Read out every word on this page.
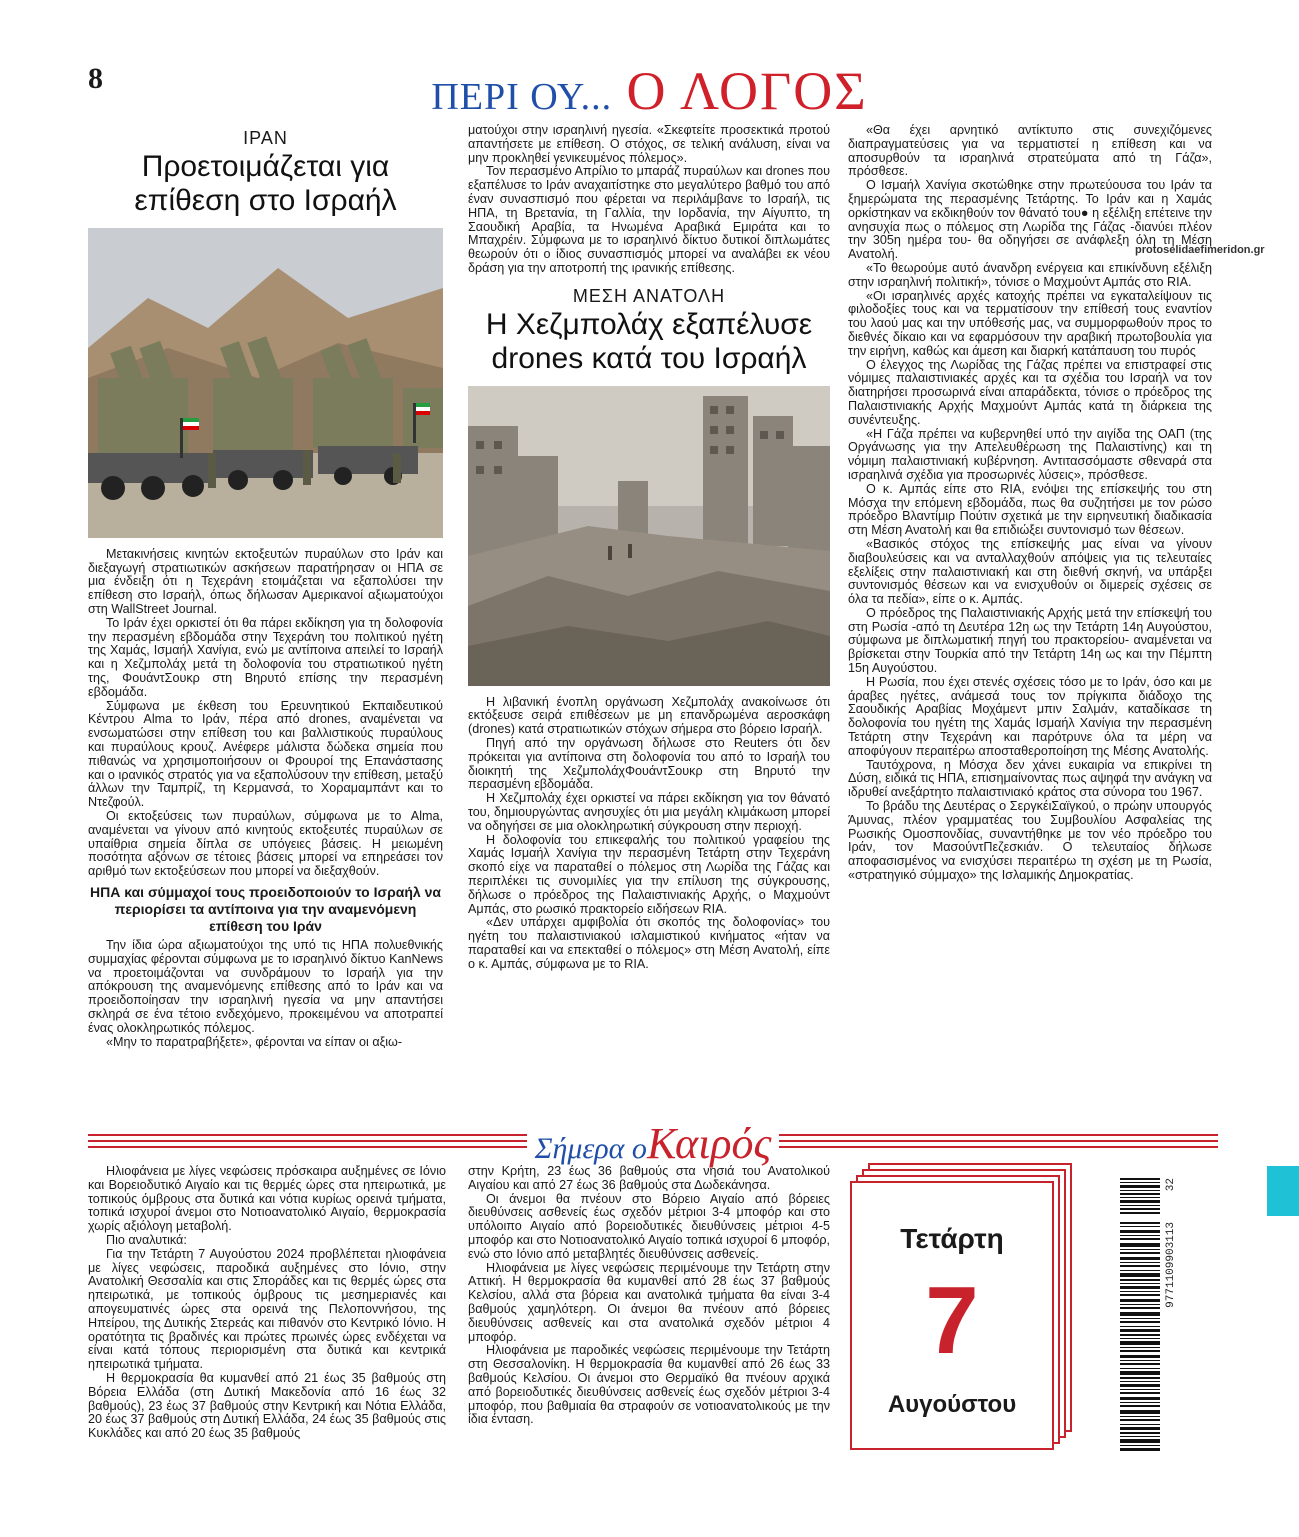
8	ΠΕΡΙ ΟΥ... Ο ΛΟΓΟΣ
protoselidaefimeridon.gr
ΙΡΑΝ
Προετοιμάζεται για επίθεση στο Ισραήλ

Μετακινήσεις κινητών εκτοξευτών πυραύλων στο Ιράν και διεξαγωγή στρατιωτικών ασκήσεων παρατήρησαν οι ΗΠΑ σε μια ένδειξη ότι η Τεχεράνη ετοιμάζεται να εξαπολύσει την επίθεση στο Ισραήλ, όπως δήλωσαν Αμερικανοί αξιωματούχοι στη WallStreet Journal.

Το Ιράν έχει ορκιστεί ότι θα πάρει εκδίκηση για τη δολοφονία την περασμένη εβδομάδα στην Τεχεράνη του πολιτικού ηγέτη της Χαμάς, Ισμαήλ Χανίγια, ενώ με αντίποινα απειλεί το Ισραήλ και η Χεζμπολάχ μετά τη δολοφονία του στρατιωτικού ηγέτη της, ΦουάντΣουκρ στη Βηρυτό επίσης την περασμένη εβδομάδα.

Σύμφωνα με έκθεση του Ερευνητικού Εκπαιδευτικού Κέντρου Alma το Ιράν, πέρα από drones, αναμένεται να ενσωματώσει στην επίθεση του και βαλλιστικούς πυραύλους και πυραύλους κρουζ. Ανέφερε μάλιστα δώδεκα σημεία που πιθανώς να χρησιμοποιήσουν οι Φρουροί της Επανάστασης και ο ιρανικός στρατός για να εξαπολύσουν την επίθεση, μεταξύ άλλων την Ταμπρίζ, τη Κερμανσά, το Χοραμαμπάντ και το Ντεζφούλ.

Οι εκτοξεύσεις των πυραύλων, σύμφωνα με το Alma, αναμένεται να γίνουν από κινητούς εκτοξευτές πυραύλων σε υπαίθρια σημεία δίπλα σε υπόγειες βάσεις. Η μειωμένη ποσότητα αξόνων σε τέτοιες βάσεις μπορεί να επηρεάσει τον αριθμό των εκτοξεύσεων που μπορεί να διεξαχθούν.

ΗΠΑ και σύμμαχοί τους προειδοποιούν το Ισραήλ να περιορίσει τα αντίποινα για την αναμενόμενη επίθεση του Ιράν

Την ίδια ώρα αξιωματούχοι της υπό τις ΗΠΑ πολυεθνικής συμμαχίας φέρονται σύμφωνα με το ισραηλινό δίκτυο KanNews να προετοιμάζονται να συνδράμουν το Ισραήλ για την απόκρουση της αναμενόμενης επίθεσης από το Ιράν και να προειδοποίησαν την ισραηλινή ηγεσία να μην απαντήσει σκληρά σε ένα τέτοιο ενδεχόμενο, προκειμένου να αποτραπεί ένας ολοκληρωτικός πόλεμος.

«Μην το παρατραβήξετε», φέρονται να είπαν οι αξιω-

ματούχοι στην ισραηλινή ηγεσία. «Σκεφτείτε προσεκτικά προτού απαντήσετε με επίθεση. Ο στόχος, σε τελική ανάλυση, είναι να μην προκληθεί γενικευμένος πόλεμος».

Τον περασμένο Απρίλιο το μπαράζ πυραύλων και drones που εξαπέλυσε το Ιράν αναχαιτίστηκε στο μεγαλύτερο βαθμό του από έναν συνασπισμό που φέρεται να περιλάμβανε το Ισραήλ, τις ΗΠΑ, τη Βρετανία, τη Γαλλία, την Ιορδανία, την Αίγυπτο, τη Σαουδική Αραβία, τα Ηνωμένα Αραβικά Εμιράτα και το Μπαχρέιν. Σύμφωνα με το ισραηλινό δίκτυο δυτικοί διπλωμάτες θεωρούν ότι ο ίδιος συνασπισμός μπορεί να αναλάβει εκ νέου δράση για την αποτροπή της ιρανικής επίθεσης.

ΜΕΣΗ ΑΝΑΤΟΛΗ
Η Χεζμπολάχ εξαπέλυσε drones κατά του Ισραήλ

Η λιβανική ένοπλη οργάνωση Χεζμπολάχ ανακοίνωσε ότι εκτόξευσε σειρά επιθέσεων με μη επανδρωμένα αεροσκάφη (drones) κατά στρατιωτικών στόχων σήμερα στο βόρειο Ισραήλ.

Πηγή από την οργάνωση δήλωσε στο Reuters ότι δεν πρόκειται για αντίποινα στη δολοφονία του από το Ισραήλ του διοικητή της ΧεζμπολάχΦουάντΣουκρ στη Βηρυτό την περασμένη εβδομάδα.

Η Χεζμπολάχ έχει ορκιστεί να πάρει εκδίκηση για τον θάνατό του, δημιουργώντας ανησυχίες ότι μια μεγάλη κλιμάκωση μπορεί να οδηγήσει σε μια ολοκληρωτική σύγκρουση στην περιοχή.

Η δολοφονία του επικεφαλής του πολιτικού γραφείου της Χαμάς Ισμαήλ Χανίγια την περασμένη Τετάρτη στην Τεχεράνη σκοπό είχε να παραταθεί ο πόλεμος στη Λωρίδα της Γάζας και περιπλέκει τις συνομιλίες για την επίλυση της σύγκρουσης, δήλωσε ο πρόεδρος της Παλαιστινιακής Αρχής, ο Μαχμούντ Αμπάς, στο ρωσικό πρακτορείο ειδήσεων RIA.

«Δεν υπάρχει αμφιβολία ότι σκοπός της δολοφονίας» του ηγέτη του παλαιστινιακού ισλαμιστικού κινήματος «ήταν να παραταθεί και να επεκταθεί ο πόλεμος» στη Μέση Ανατολή, είπε ο κ. Αμπάς, σύμφωνα με το RIA.

«Θα έχει αρνητικό αντίκτυπο στις συνεχιζόμενες διαπραγματεύσεις για να τερματιστεί η επίθεση και να αποσυρθούν τα ισραηλινά στρατεύματα από τη Γάζα», πρόσθεσε.

Ο Ισμαήλ Χανίγια σκοτώθηκε στην πρωτεύουσα του Ιράν τα ξημερώματα της περασμένης Τετάρτης. Το Ιράν και η Χαμάς ορκίστηκαν να εκδικηθούν τον θάνατό του● η εξέλιξη επέτεινε την ανησυχία πως ο πόλεμος στη Λωρίδα της Γάζας -διανύει πλέον την 305η ημέρα του- θα οδηγήσει σε ανάφλεξη όλη τη Μέση Ανατολή.

«Το θεωρούμε αυτό άνανδρη ενέργεια και επικίνδυνη εξέλιξη στην ισραηλινή πολιτική», τόνισε ο Μαχμούντ Αμπάς στο RIA.

«Οι ισραηλινές αρχές κατοχής πρέπει να εγκαταλείψουν τις φιλοδοξίες τους και να τερματίσουν την επίθεσή τους εναντίον του λαού μας και την υπόθεσής μας, να συμμορφωθούν προς το διεθνές δίκαιο και να εφαρμόσουν την αραβική πρωτοβουλία για την ειρήνη, καθώς και άμεση και διαρκή κατάπαυση του πυρός

Ο έλεγχος της Λωρίδας της Γάζας πρέπει να επιστραφεί στις νόμιμες παλαιστινιακές αρχές και τα σχέδια του Ισραήλ να τον διατηρήσει προσωρινά είναι απαράδεκτα, τόνισε ο πρόεδρος της Παλαιστινιακής Αρχής Μαχμούντ Αμπάς κατά τη διάρκεια της συνέντευξης.

«Η Γάζα πρέπει να κυβερνηθεί υπό την αιγίδα της ΟΑΠ (της Οργάνωσης για την Απελευθέρωση της Παλαιστίνης) και τη νόμιμη παλαιστινιακή κυβέρνηση. Αντιτασσόμαστε σθεναρά στα ισραηλινά σχέδια για προσωρινές λύσεις», πρόσθεσε.

Ο κ. Αμπάς είπε στο RIA, ενόψει της επίσκεψής του στη Μόσχα την επόμενη εβδομάδα, πως θα συζητήσει με τον ρώσο πρόεδρο Βλαντίμιρ Πούτιν σχετικά με την ειρηνευτική διαδικασία στη Μέση Ανατολή και θα επιδιώξει συντονισμό των θέσεων.

«Βασικός στόχος της επίσκεψής μας είναι να γίνουν διαβουλεύσεις και να ανταλλαχθούν απόψεις για τις τελευταίες εξελίξεις στην παλαιστινιακή και στη διεθνή σκηνή, να υπάρξει συντονισμός θέσεων και να ενισχυθούν οι διμερείς σχέσεις σε όλα τα πεδία», είπε ο κ. Αμπάς.

Ο πρόεδρος της Παλαιστινιακής Αρχής μετά την επίσκεψή του στη Ρωσία -από τη Δευτέρα 12η ως την Τετάρτη 14η Αυγούστου, σύμφωνα με διπλωματική πηγή του πρακτορείου- αναμένεται να βρίσκεται στην Τουρκία από την Τετάρτη 14η ως και την Πέμπτη 15η Αυγούστου.

Η Ρωσία, που έχει στενές σχέσεις τόσο με το Ιράν, όσο και με άραβες ηγέτες, ανάμεσά τους τον πρίγκιπα διάδοχο της Σαουδικής Αραβίας Μοχάμεντ μπιν Σαλμάν, καταδίκασε τη δολοφονία του ηγέτη της Χαμάς Ισμαήλ Χανίγια την περασμένη Τετάρτη στην Τεχεράνη και παρότρυνε όλα τα μέρη να αποφύγουν περαιτέρω αποσταθεροποίηση της Μέσης Ανατολής.

Ταυτόχρονα, η Μόσχα δεν χάνει ευκαιρία να επικρίνει τη Δύση, ειδικά τις ΗΠΑ, επισημαίνοντας πως αψηφά την ανάγκη να ιδρυθεί ανεξάρτητο παλαιστινιακό κράτος στα σύνορα του 1967.

Το βράδυ της Δευτέρας ο ΣεργκέιΣαϊγκού, ο πρώην υπουργός Άμυνας, πλέον γραμματέας του Συμβουλίου Ασφαλείας της Ρωσικής Ομοσπονδίας, συναντήθηκε με τον νέο πρόεδρο του Ιράν, τον ΜασούντΠεζεσκιάν. Ο τελευταίος δήλωσε αποφασισμένος να ενισχύσει περαιτέρω τη σχέση με τη Ρωσία, «στρατηγικό σύμμαχο» της Ισλαμικής Δημοκρατίας.

Σήμερα οΚαιρός

Ηλιοφάνεια με λίγες νεφώσεις πρόσκαιρα αυξημένες σε Ιόνιο και Βορειοδυτικό Αιγαίο και τις θερμές ώρες στα ηπειρωτικά, με τοπικούς όμβρους στα δυτικά και νότια κυρίως ορεινά τμήματα, τοπικά ισχυροί άνεμοι στο Νοτιοανατολικό Αιγαίο, θερμοκρασία χωρίς αξιόλογη μεταβολή.

Πιο αναλυτικά:

Για την Τετάρτη 7 Αυγούστου 2024 προβλέπεται ηλιοφάνεια με λίγες νεφώσεις, παροδικά αυξημένες στο Ιόνιο, στην Ανατολική Θεσσαλία και στις Σποράδες και τις θερμές ώρες στα ηπειρωτικά, με τοπικούς όμβρους τις μεσημεριανές και απογευματινές ώρες στα ορεινά της Πελοποννήσου, της Ηπείρου, της Δυτικής Στερεάς και πιθανόν στο Κεντρικό Ιόνιο. Η ορατότητα τις βραδινές και πρώτες πρωινές ώρες ενδέχεται να είναι κατά τόπους περιορισμένη στα δυτικά και κεντρικά ηπειρωτικά τμήματα.

Η θερμοκρασία θα κυμανθεί από 21 έως 35 βαθμούς στη Βόρεια Ελλάδα (στη Δυτική Μακεδονία από 16 έως 32 βαθμούς), 23 έως 37 βαθμούς στην Κεντρική και Νότια Ελλάδα, 20 έως 37 βαθμούς στη Δυτική Ελλάδα, 24 έως 35 βαθμούς στις Κυκλάδες και από 20 έως 35 βαθμούς

στην Κρήτη, 23 έως 36 βαθμούς στα νησιά του Ανατολικού Αιγαίου και από 27 έως 36 βαθμούς στα Δωδεκάνησα.

Οι άνεμοι θα πνέουν στο Βόρειο Αιγαίο από βόρειες διευθύνσεις ασθενείς έως σχεδόν μέτριοι 3-4 μποφόρ και στο υπόλοιπο Αιγαίο από βορειοδυτικές διευθύνσεις μέτριοι 4-5 μποφόρ και στο Νοτιοανατολικό Αιγαίο τοπικά ισχυροί 6 μποφόρ, ενώ στο Ιόνιο από μεταβλητές διευθύνσεις ασθενείς.

Ηλιοφάνεια με λίγες νεφώσεις περιμένουμε την Τετάρτη στην Αττική. Η θερμοκρασία θα κυμανθεί από 28 έως 37 βαθμούς Κελσίου, αλλά στα βόρεια και ανατολικά τμήματα θα είναι 3-4 βαθμούς χαμηλότερη. Οι άνεμοι θα πνέουν από βόρειες διευθύνσεις ασθενείς και στα ανατολικά σχεδόν μέτριοι 4 μποφόρ.

Ηλιοφάνεια με παροδικές νεφώσεις περιμένουμε την Τετάρτη στη Θεσσαλονίκη. Η θερμοκρασία θα κυμανθεί από 26 έως 33 βαθμούς Κελσίου. Οι άνεμοι στο Θερμαϊκό θα πνέουν αρχικά από βορειοδυτικές διευθύνσεις ασθενείς έως σχεδόν μέτριοι 3-4 μποφόρ, που βαθμιαία θα στραφούν σε νοτιοανατολικούς με την ίδια ένταση.

Τετάρτη
7
Αυγούστου
32
9771109903113
